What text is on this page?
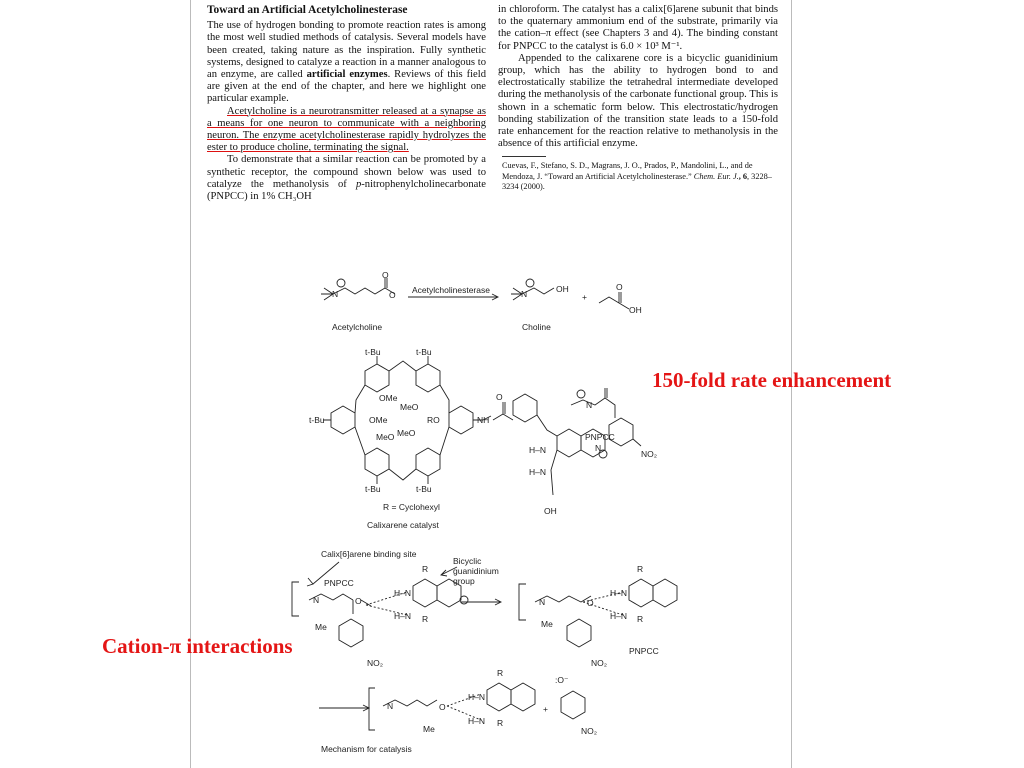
Toward an Artificial Acetylcholinesterase

The use of hydrogen bonding to promote reaction rates is among the most well studied methods of catalysis. Several models have been created, taking nature as the inspiration. Fully synthetic systems, designed to catalyze a reaction in a manner analogous to an enzyme, are called artificial enzymes. Reviews of this field are given at the end of the chapter, and here we highlight one particular example.

Acetylcholine is a neurotransmitter released at a synapse as a means for one neuron to communicate with a neighboring neuron. The enzyme acetylcholinesterase rapidly hydrolyzes the ester to produce choline, terminating the signal.

To demonstrate that a similar reaction can be promoted by a synthetic receptor, the compound shown below was used to catalyze the methanolysis of p-nitrophenylcholinecarbonate (PNPCC) in 1% CH₃OH

in chloroform. The catalyst has a calix[6]arene subunit that binds to the quaternary ammonium end of the substrate, primarily via the cation–π effect (see Chapters 3 and 4). The binding constant for PNPCC to the catalyst is 6.0 × 10³ M⁻¹.

Appended to the calixarene core is a bicyclic guanidinium group, which has the ability to hydrogen bond to and electrostatically stabilize the tetrahedral intermediate developed during the methanolysis of the carbonate functional group. This is shown in a schematic form below. This electrostatic/hydrogen bonding stabilization of the transition state leads to a 150-fold rate enhancement for the reaction relative to methanolysis in the absence of this artificial enzyme.

Cuevas, F., Stefano, S. D., Magrans, J. O., Prados, P., Mandolini, L., and de Mendoza, J. “Toward an Artificial Acetylcholinesterase.” Chem. Eur. J., 6, 3228–3234 (2000).
N	O
O
Acetylcholine
Acetylcholinesterase	N	OH
Choline
+
O
OH
t-Bu	t-Bu
t-Bu
t-Bu	t-Bu
OMe
MeO
OMe	RO
MeO MeO
NH
O
H–N
H–N
N
OH
R = Cyclohexyl
Calixarene catalyst
N
PNPCC
NO₂
Calix[6]arene binding site
Bicyclic
guanidinium
group
PNPCC
N	O
Me
H–N
H–N
R
R
NO₂
N	O
Me
H–N
H–N
R
R
PNPCC
NO₂
N	O
Me
H–N
H–N
R
R
+
:O⁻
NO₂
Mechanism for catalysis
150-fold rate enhancement
Cation-π interactions
